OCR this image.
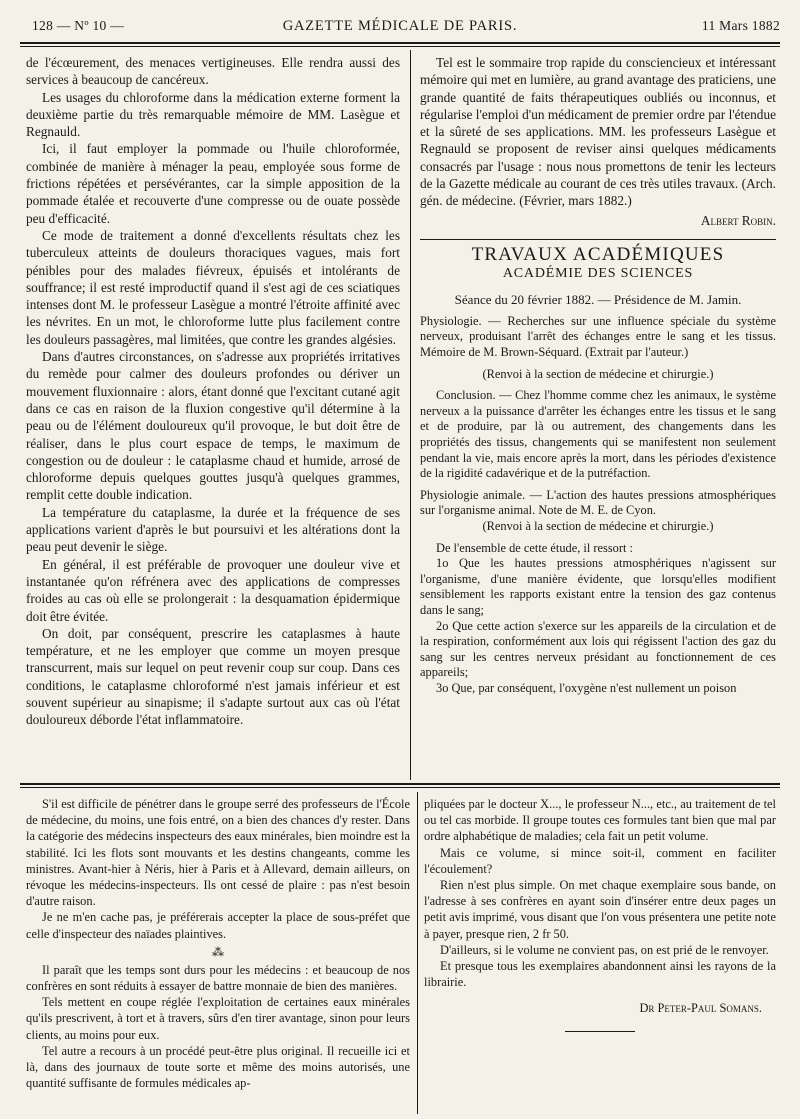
128 — Nº 10 —	GAZETTE MÉDICALE DE PARIS.	11 Mars 1882

de l'écœurement, des menaces vertigineuses. Elle rendra aussi des services à beaucoup de cancéreux.

Les usages du chloroforme dans la médication externe forment la deuxième partie du très remarquable mémoire de MM. Lasègue et Regnauld.

Ici, il faut employer la pommade ou l'huile chloroformée, combinée de manière à ménager la peau, employée sous forme de frictions répétées et persévérantes, car la simple apposition de la pommade étalée et recouverte d'une compresse ou de ouate possède peu d'efficacité.

Ce mode de traitement a donné d'excellents résultats chez les tuberculeux atteints de douleurs thoraciques vagues, mais fort pénibles pour des malades fiévreux, épuisés et intolérants de souffrance; il est resté improductif quand il s'est agi de ces sciatiques intenses dont M. le professeur Lasègue a montré l'étroite affinité avec les névrites. En un mot, le chloroforme lutte plus facilement contre les douleurs passagères, mal limitées, que contre les grandes algésies.

Dans d'autres circonstances, on s'adresse aux propriétés irritatives du remède pour calmer des douleurs profondes ou dériver un mouvement fluxionnaire : alors, étant donné que l'excitant cutané agit dans ce cas en raison de la fluxion congestive qu'il détermine à la peau ou de l'élément douloureux qu'il provoque, le but doit être de réaliser, dans le plus court espace de temps, le maximum de congestion ou de douleur : le cataplasme chaud et humide, arrosé de chloroforme depuis quelques gouttes jusqu'à quelques grammes, remplit cette double indication.

La température du cataplasme, la durée et la fréquence de ses applications varient d'après le but poursuivi et les altérations dont la peau peut devenir le siège.

En général, il est préférable de provoquer une douleur vive et instantanée qu'on réfrénera avec des applications de compresses froides au cas où elle se prolongerait : la desquamation épidermique doit être évitée.

On doit, par conséquent, prescrire les cataplasmes à haute température, et ne les employer que comme un moyen presque transcurrent, mais sur lequel on peut revenir coup sur coup. Dans ces conditions, le cataplasme chloroformé n'est jamais inférieur et est souvent supérieur au sinapisme; il s'adapte surtout aux cas où l'état douloureux déborde l'état inflammatoire.

Tel est le sommaire trop rapide du consciencieux et intéressant mémoire qui met en lumière, au grand avantage des praticiens, une grande quantité de faits thérapeutiques oubliés ou inconnus, et régularise l'emploi d'un médicament de premier ordre par l'étendue et la sûreté de ses applications. MM. les professeurs Lasègue et Regnauld se proposent de reviser ainsi quelques médicaments consacrés par l'usage : nous nous promettons de tenir les lecteurs de la Gazette médicale au courant de ces très utiles travaux. (Arch. gén. de médecine. (Février, mars 1882.)

Albert Robin.

TRAVAUX ACADÉMIQUES
ACADÉMIE DES SCIENCES
Séance du 20 février 1882. — Présidence de M. Jamin.

Physiologie. — Recherches sur une influence spéciale du système nerveux, produisant l'arrêt des échanges entre le sang et les tissus. Mémoire de M. Brown-Séquard. (Extrait par l'auteur.)

(Renvoi à la section de médecine et chirurgie.)

Conclusion. — Chez l'homme comme chez les animaux, le système nerveux a la puissance d'arrêter les échanges entre les tissus et le sang et de produire, par là ou autrement, des changements dans les propriétés des tissus, changements qui se manifestent non seulement pendant la vie, mais encore après la mort, dans les périodes d'existence de la rigidité cadavérique et de la putréfaction.

Physiologie animale. — L'action des hautes pressions atmosphériques sur l'organisme animal. Note de M. E. de Cyon.

(Renvoi à la section de médecine et chirurgie.)

De l'ensemble de cette étude, il ressort :

1o Que les hautes pressions atmosphériques n'agissent sur l'organisme, d'une manière évidente, que lorsqu'elles modifient sensiblement les rapports existant entre la tension des gaz contenus dans le sang;

2o Que cette action s'exerce sur les appareils de la circulation et de la respiration, conformément aux lois qui régissent l'action des gaz du sang sur les centres nerveux présidant au fonctionnement de ces appareils;

3o Que, par conséquent, l'oxygène n'est nullement un poison

S'il est difficile de pénétrer dans le groupe serré des professeurs de l'École de médecine, du moins, une fois entré, on a bien des chances d'y rester. Dans la catégorie des médecins inspecteurs des eaux minérales, bien moindre est la stabilité. Ici les flots sont mouvants et les destins changeants, comme les ministres. Avant-hier à Néris, hier à Paris et à Allevard, demain ailleurs, on révoque les médecins-inspecteurs. Ils ont cessé de plaire : pas n'est besoin d'autre raison.

Je ne m'en cache pas, je préférerais accepter la place de sous-préfet que celle d'inspecteur des naïades plaintives.

⁂

Il paraît que les temps sont durs pour les médecins : et beaucoup de nos confrères en sont réduits à essayer de battre monnaie de bien des manières.

Tels mettent en coupe réglée l'exploitation de certaines eaux minérales qu'ils prescrivent, à tort et à travers, sûrs d'en tirer avantage, sinon pour leurs clients, au moins pour eux.

Tel autre a recours à un procédé peut-être plus original. Il recueille ici et là, dans des journaux de toute sorte et même des moins autorisés, une quantité suffisante de formules médicales ap-

pliquées par le docteur X..., le professeur N..., etc., au traitement de tel ou tel cas morbide. Il groupe toutes ces formules tant bien que mal par ordre alphabétique de maladies; cela fait un petit volume.

Mais ce volume, si mince soit-il, comment en faciliter l'écoulement?

Rien n'est plus simple. On met chaque exemplaire sous bande, on l'adresse à ses confrères en ayant soin d'insérer entre deux pages un petit avis imprimé, vous disant que l'on vous présentera une petite note à payer, presque rien, 2 fr 50.

D'ailleurs, si le volume ne convient pas, on est prié de le renvoyer.

Et presque tous les exemplaires abandonnent ainsi les rayons de la librairie.

Dr Peter-Paul Somans.
